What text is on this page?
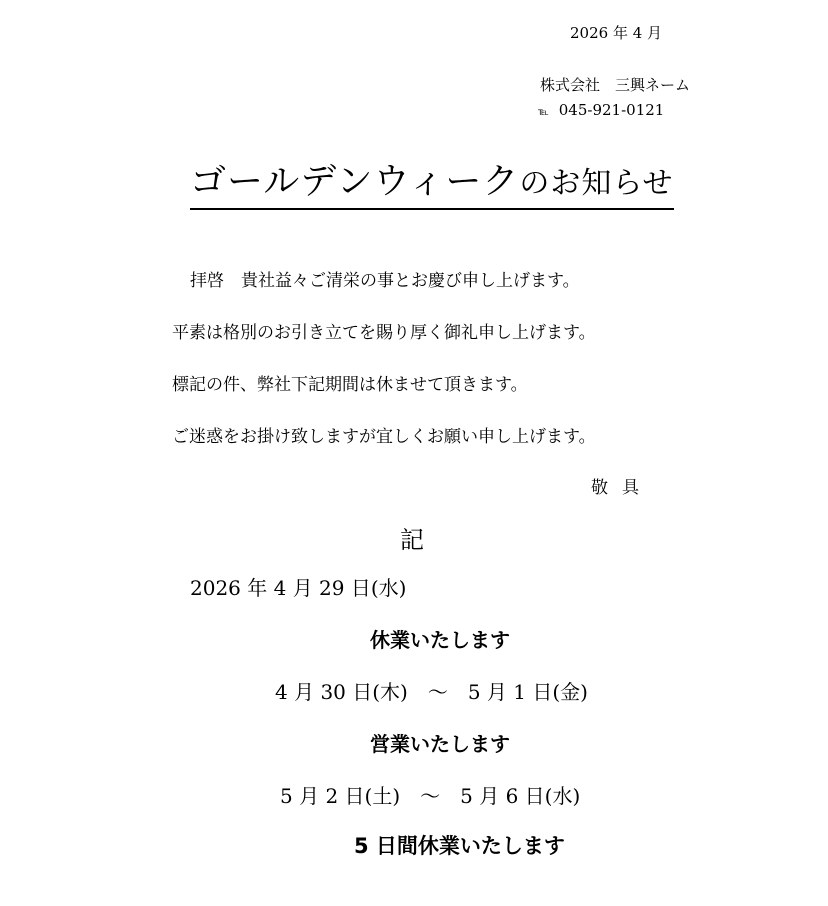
2026 年 4 月
株式会社　三興ネーム
℡ 045-921-0121
ゴールデンウィークのお知らせ
拝啓　貴社益々ご清栄の事とお慶び申し上げます。
平素は格別のお引き立てを賜り厚く御礼申し上げます。
標記の件、弊社下記期間は休ませて頂きます。
ご迷惑をお掛け致しますが宜しくお願い申し上げます。
敬具
記
2026 年 4 月 29 日(水)
休業いたします
4 月 30 日(木)　～　5 月 1 日(金)
営業いたします
5 月 2 日(土)　～　5 月 6 日(水)
5 日間休業いたします
